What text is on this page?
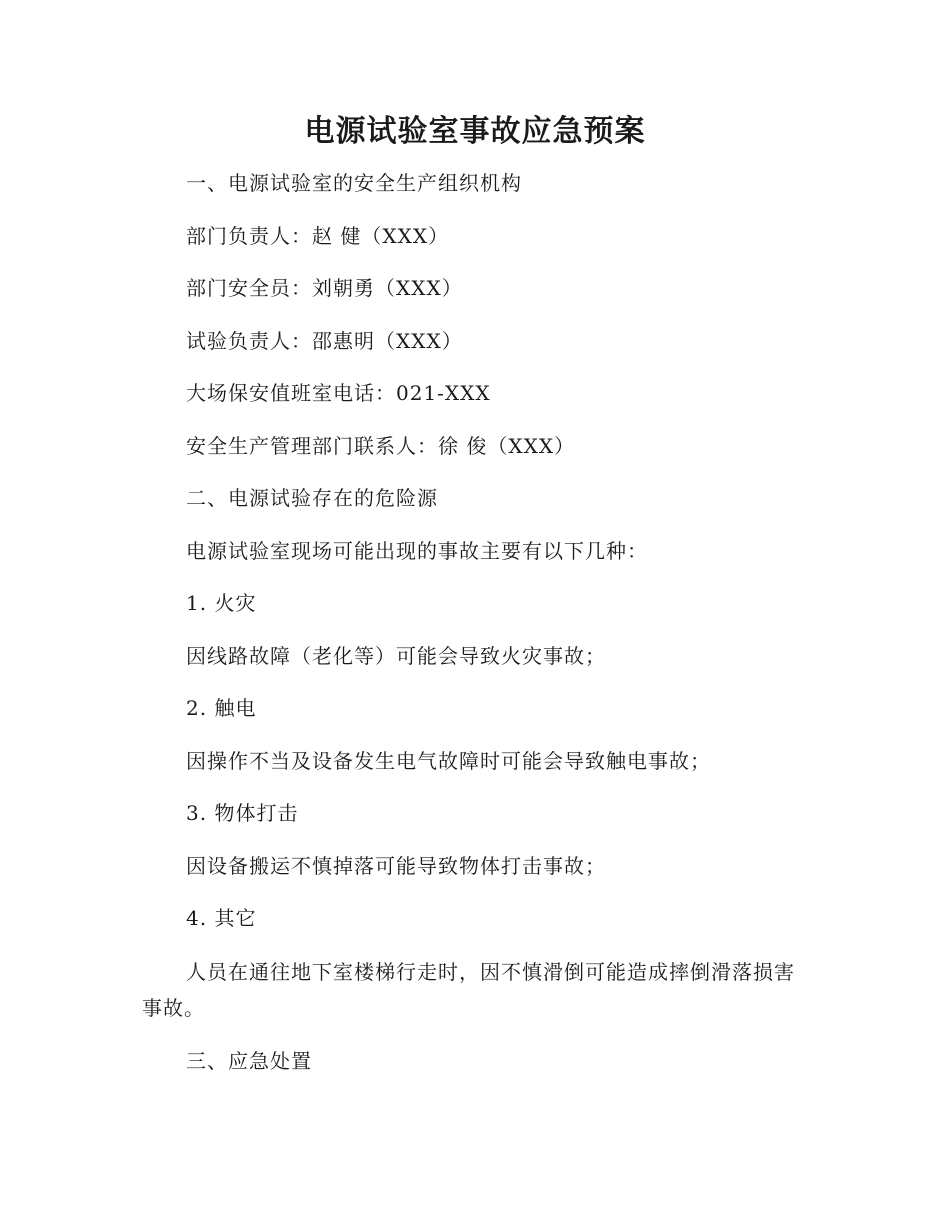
电源试验室事故应急预案
一、电源试验室的安全生产组织机构
部门负责人：赵 健（XXX）
部门安全员：刘朝勇（XXX）
试验负责人：邵惠明（XXX）
大场保安值班室电话：021-XXX
安全生产管理部门联系人：徐 俊（XXX）
二、电源试验存在的危险源
电源试验室现场可能出现的事故主要有以下几种：
1. 火灾
因线路故障（老化等）可能会导致火灾事故；
2. 触电
因操作不当及设备发生电气故障时可能会导致触电事故；
3. 物体打击
因设备搬运不慎掉落可能导致物体打击事故；
4. 其它
人员在通往地下室楼梯行走时，因不慎滑倒可能造成摔倒滑落损害事故。
三、应急处置
